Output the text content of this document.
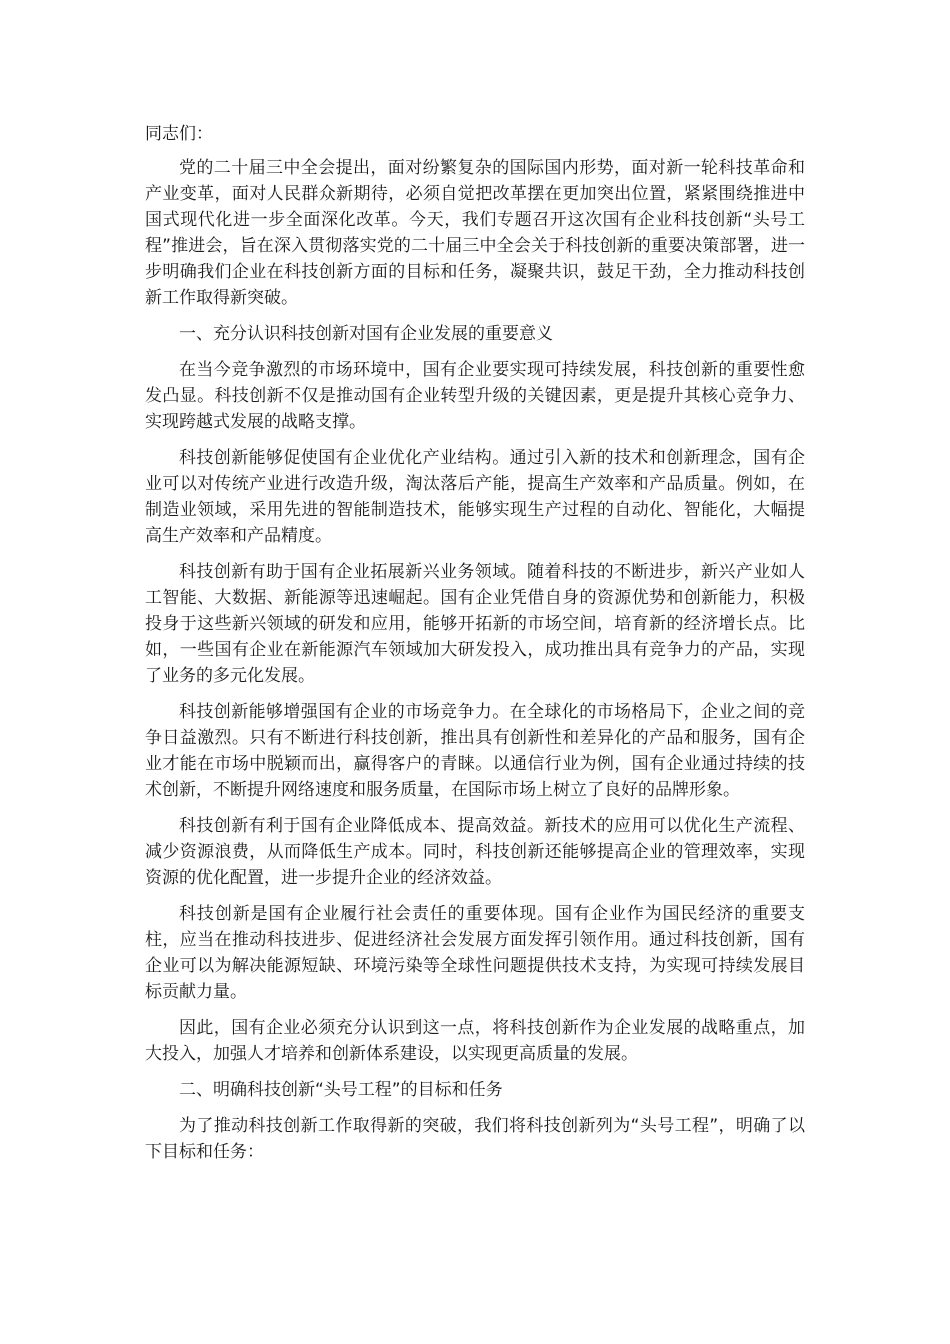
同志们：

党的二十届三中全会提出，面对纷繁复杂的国际国内形势，面对新一轮科技革命和产业变革，面对人民群众新期待，必须自觉把改革摆在更加突出位置，紧紧围绕推进中国式现代化进一步全面深化改革。今天，我们专题召开这次国有企业科技创新“头号工程”推进会，旨在深入贯彻落实党的二十届三中全会关于科技创新的重要决策部署，进一步明确我们企业在科技创新方面的目标和任务，凝聚共识，鼓足干劲，全力推动科技创新工作取得新突破。

一、充分认识科技创新对国有企业发展的重要意义

在当今竞争激烈的市场环境中，国有企业要实现可持续发展，科技创新的重要性愈发凸显。科技创新不仅是推动国有企业转型升级的关键因素，更是提升其核心竞争力、实现跨越式发展的战略支撑。

科技创新能够促使国有企业优化产业结构。通过引入新的技术和创新理念，国有企业可以对传统产业进行改造升级，淘汰落后产能，提高生产效率和产品质量。例如，在制造业领域，采用先进的智能制造技术，能够实现生产过程的自动化、智能化，大幅提高生产效率和产品精度。

科技创新有助于国有企业拓展新兴业务领域。随着科技的不断进步，新兴产业如人工智能、大数据、新能源等迅速崛起。国有企业凭借自身的资源优势和创新能力，积极投身于这些新兴领域的研发和应用，能够开拓新的市场空间，培育新的经济增长点。比如，一些国有企业在新能源汽车领域加大研发投入，成功推出具有竞争力的产品，实现了业务的多元化发展。

科技创新能够增强国有企业的市场竞争力。在全球化的市场格局下，企业之间的竞争日益激烈。只有不断进行科技创新，推出具有创新性和差异化的产品和服务，国有企业才能在市场中脱颖而出，赢得客户的青睐。以通信行业为例，国有企业通过持续的技术创新，不断提升网络速度和服务质量，在国际市场上树立了良好的品牌形象。

科技创新有利于国有企业降低成本、提高效益。新技术的应用可以优化生产流程、减少资源浪费，从而降低生产成本。同时，科技创新还能够提高企业的管理效率，实现资源的优化配置，进一步提升企业的经济效益。

科技创新是国有企业履行社会责任的重要体现。国有企业作为国民经济的重要支柱，应当在推动科技进步、促进经济社会发展方面发挥引领作用。通过科技创新，国有企业可以为解决能源短缺、环境污染等全球性问题提供技术支持，为实现可持续发展目标贡献力量。

因此，国有企业必须充分认识到这一点，将科技创新作为企业发展的战略重点，加大投入，加强人才培养和创新体系建设，以实现更高质量的发展。

二、明确科技创新“头号工程”的目标和任务

为了推动科技创新工作取得新的突破，我们将科技创新列为“头号工程”，明确了以下目标和任务：
